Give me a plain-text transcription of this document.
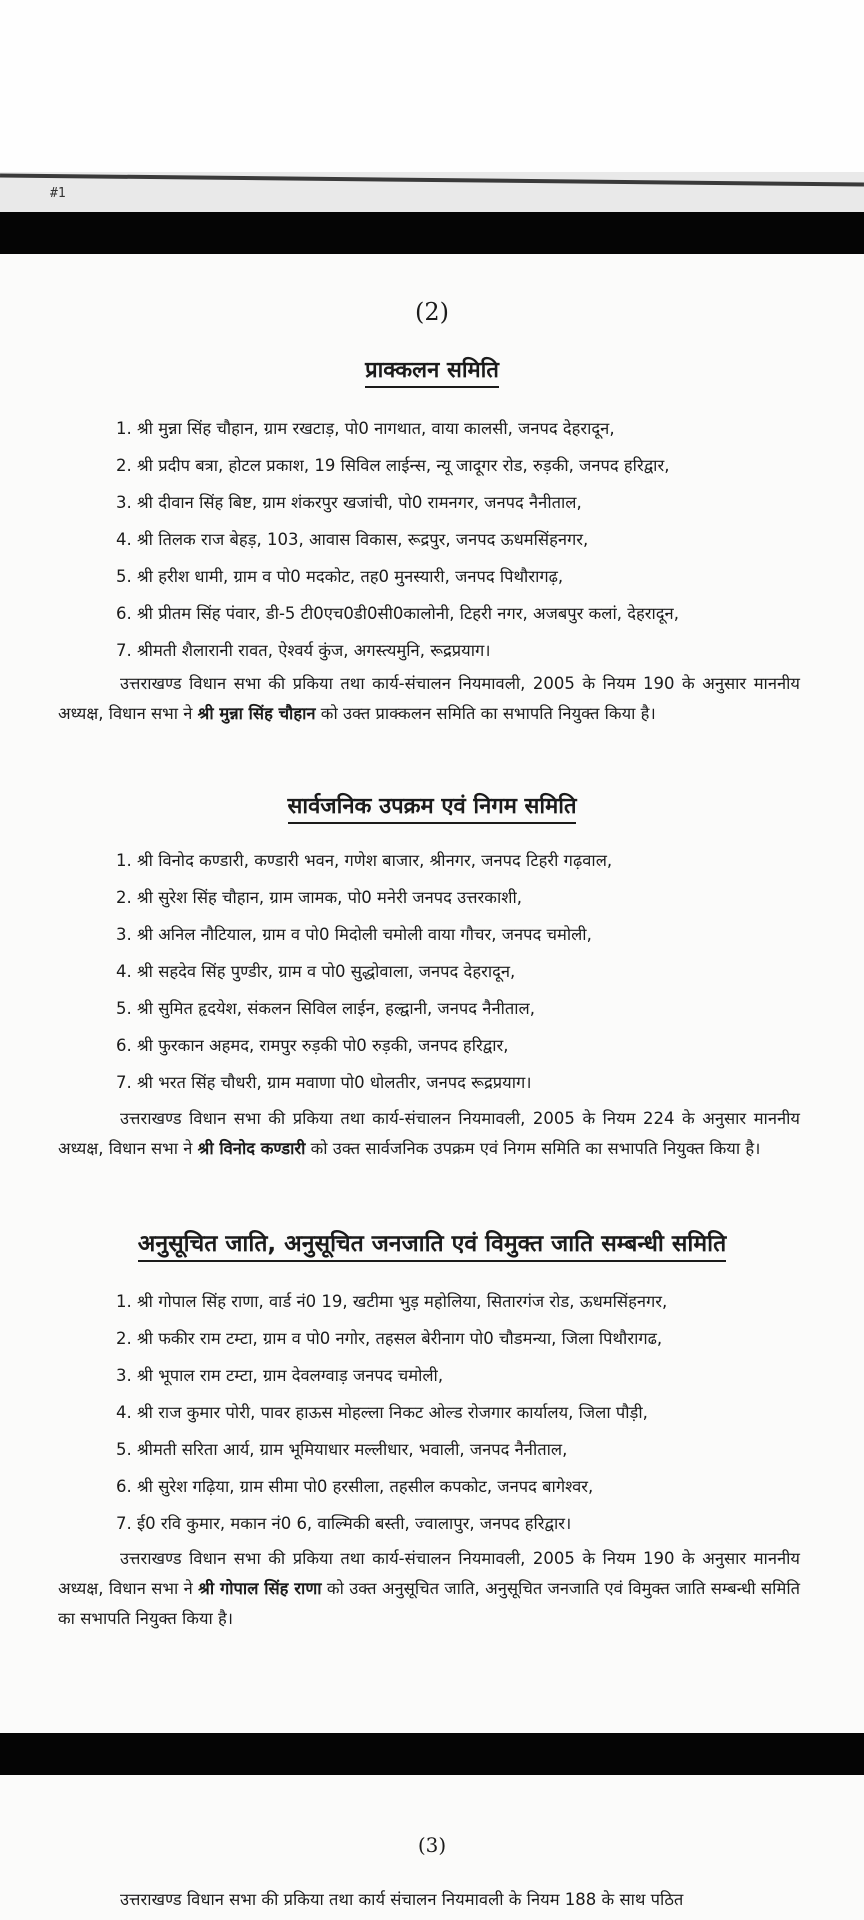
#1
(2)
प्राक्कलन समिति
1. श्री मुन्ना सिंह चौहान, ग्राम रखटाड़, पो0 नागथात, वाया कालसी, जनपद देहरादून,
2. श्री प्रदीप बत्रा, होटल प्रकाश, 19 सिविल लाईन्स, न्यू जादूगर रोड, रुड़की, जनपद हरिद्वार,
3. श्री दीवान सिंह बिष्ट, ग्राम शंकरपुर खजांची, पो0 रामनगर, जनपद नैनीताल,
4. श्री तिलक राज बेहड़, 103, आवास विकास, रूद्रपुर, जनपद ऊधमसिंहनगर,
5. श्री हरीश धामी, ग्राम व पो0 मदकोट, तह0 मुनस्यारी, जनपद पिथौरागढ़,
6. श्री प्रीतम सिंह पंवार, डी-5 टी0एच0डी0सी0कालोनी, टिहरी नगर, अजबपुर कलां, देहरादून,
7. श्रीमती शैलारानी रावत, ऐश्वर्य कुंज, अगस्त्यमुनि, रूद्रप्रयाग।

उत्तराखण्ड विधान सभा की प्रकिया तथा कार्य-संचालन नियमावली, 2005 के नियम 190 के अनुसार माननीय अध्यक्ष, विधान सभा ने श्री मुन्ना सिंह चौहान को उक्त प्राक्कलन समिति का सभापति नियुक्त किया है।

सार्वजनिक उपक्रम एवं निगम समिति
1. श्री विनोद कण्डारी, कण्डारी भवन, गणेश बाजार, श्रीनगर, जनपद टिहरी गढ़वाल,
2. श्री सुरेश सिंह चौहान, ग्राम जामक, पो0 मनेरी जनपद उत्तरकाशी,
3. श्री अनिल नौटियाल, ग्राम व पो0 मिदोली चमोली वाया गौचर, जनपद चमोली,
4. श्री सहदेव सिंह पुण्डीर, ग्राम व पो0 सुद्धोवाला, जनपद देहरादून,
5. श्री सुमित हृदयेश, संकलन सिविल लाईन, हल्द्वानी, जनपद नैनीताल,
6. श्री फुरकान अहमद, रामपुर रुड़की पो0 रुड़की, जनपद हरिद्वार,
7. श्री भरत सिंह चौधरी, ग्राम मवाणा पो0 धोलतीर, जनपद रूद्रप्रयाग।

उत्तराखण्ड विधान सभा की प्रकिया तथा कार्य-संचालन नियमावली, 2005 के नियम 224 के अनुसार माननीय अध्यक्ष, विधान सभा ने श्री विनोद कण्डारी को उक्त सार्वजनिक उपक्रम एवं निगम समिति का सभापति नियुक्त किया है।

अनुसूचित जाति, अनुसूचित जनजाति एवं विमुक्त जाति सम्बन्धी समिति
1. श्री गोपाल सिंह राणा, वार्ड नं0 19, खटीमा भुड़ महोलिया, सितारगंज रोड, ऊधमसिंहनगर,
2. श्री फकीर राम टम्टा, ग्राम व पो0 नगोर, तहसल बेरीनाग पो0 चौडमन्या, जिला पिथौरागढ,
3. श्री भूपाल राम टम्टा, ग्राम देवलग्वाड़ जनपद चमोली,
4. श्री राज कुमार पोरी, पावर हाऊस मोहल्ला निकट ओल्ड रोजगार कार्यालय, जिला पौड़ी,
5. श्रीमती सरिता आर्य, ग्राम भूमियाधार मल्लीधार, भवाली, जनपद नैनीताल,
6. श्री सुरेश गढ़िया, ग्राम सीमा पो0 हरसीला, तहसील कपकोट, जनपद बागेश्वर,
7. ई0 रवि कुमार, मकान नं0 6, वाल्मिकी बस्ती, ज्वालापुर, जनपद हरिद्वार।

उत्तराखण्ड विधान सभा की प्रकिया तथा कार्य-संचालन नियमावली, 2005 के नियम 190 के अनुसार माननीय अध्यक्ष, विधान सभा ने श्री गोपाल सिंह राणा को उक्त अनुसूचित जाति, अनुसूचित जनजाति एवं विमुक्त जाति सम्बन्धी समिति का सभापति नियुक्त किया है।

(3)
उत्तराखण्ड विधान सभा की प्रकिया तथा कार्य संचालन नियमावली के नियम 188 के साथ पठित
